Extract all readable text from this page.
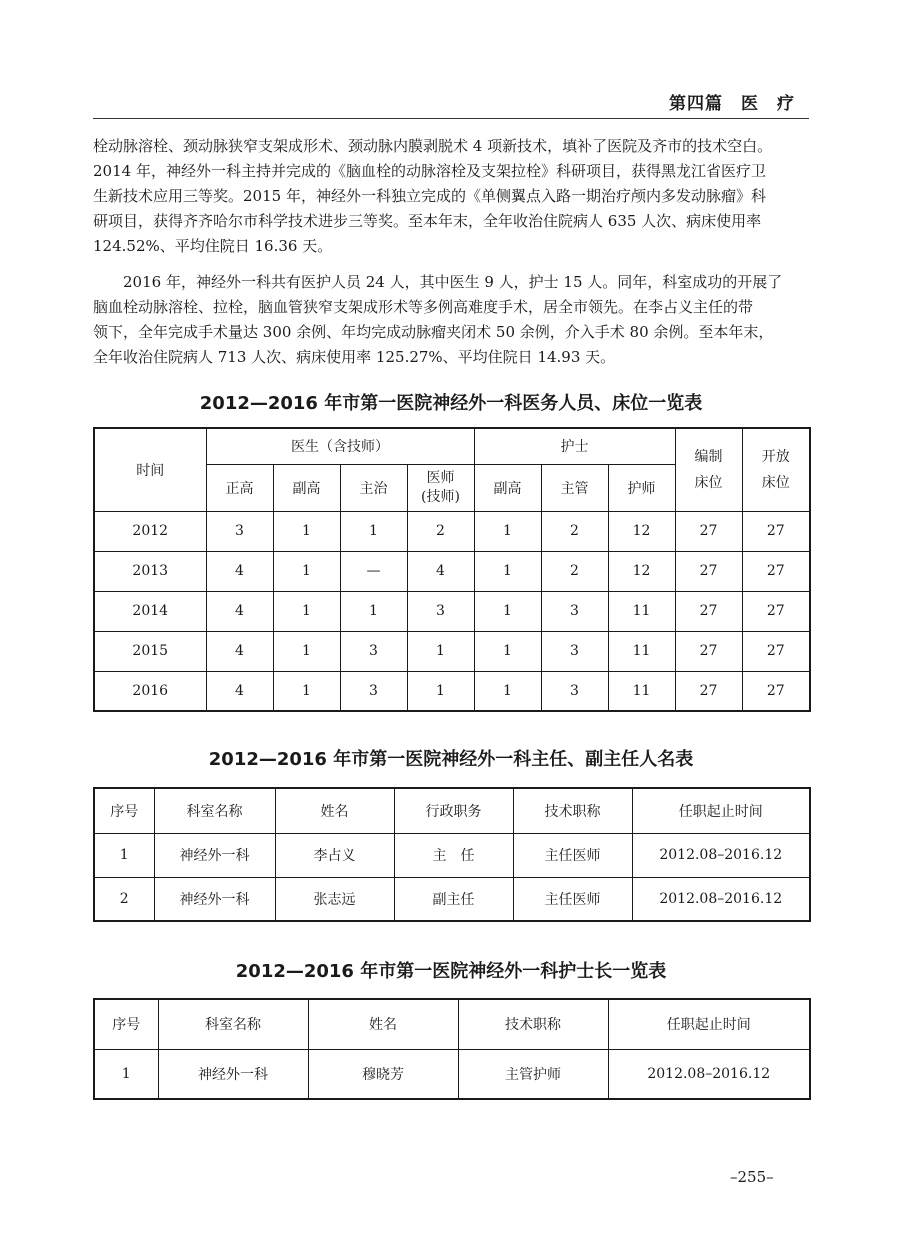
第四篇　医　疗

栓动脉溶栓、颈动脉狭窄支架成形术、颈动脉内膜剥脱术 4 项新技术，填补了医院及齐市的技术空白。

2014 年，神经外一科主持并完成的《脑血栓的动脉溶栓及支架拉栓》科研项目，获得黑龙江省医疗卫

生新技术应用三等奖。2015 年，神经外一科独立完成的《单侧翼点入路一期治疗颅内多发动脉瘤》科

研项目，获得齐齐哈尔市科学技术进步三等奖。至本年末，全年收治住院病人 635 人次、病床使用率

124.52%、平均住院日 16.36 天。

　　2016 年，神经外一科共有医护人员 24 人，其中医生 9 人，护士 15 人。同年，科室成功的开展了

脑血栓动脉溶栓、拉栓，脑血管狭窄支架成形术等多例高难度手术，居全市领先。在李占义主任的带

领下，全年完成手术量达 300 余例、年均完成动脉瘤夹闭术 50 余例，介入手术 80 余例。至本年末，

全年收治住院病人 713 人次、病床使用率 125.27%、平均住院日 14.93 天。

2012—2016 年市第一医院神经外一科医务人员、床位一览表
时间	医生（含技师）				护士			编制床位	开放床位
	正高	副高	主治	医师(技师)	副高	主管	护师		
2012	3	1	1	2	1	2	12	27	27
2013	4	1	—	4	1	2	12	27	27
2014	4	1	1	3	1	3	11	27	27
2015	4	1	3	1	1	3	11	27	27
2016	4	1	3	1	1	3	11	27	27
2012—2016 年市第一医院神经外一科主任、副主任人名表
序号	科室名称	姓名	行政职务	技术职称	任职起止时间
1	神经外一科	李占义	主　任	主任医师	2012.08–2016.12
2	神经外一科	张志远	副主任	主任医师	2012.08–2016.12
2012—2016 年市第一医院神经外一科护士长一览表
序号	科室名称	姓名	技术职称	任职起止时间
1	神经外一科	穆晓芳	主管护师	2012.08–2016.12
–255–
